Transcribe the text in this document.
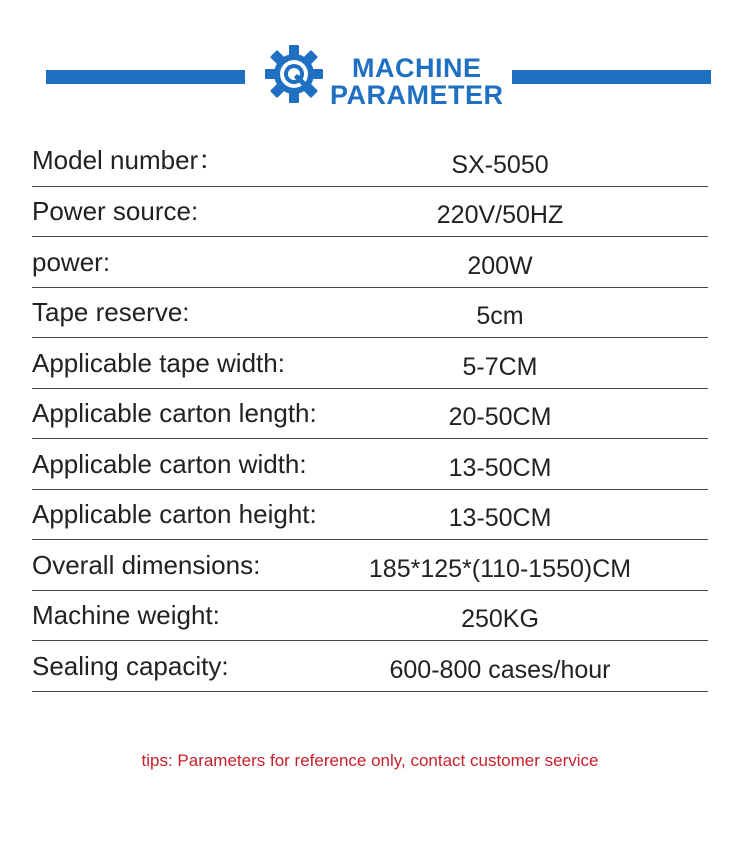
MACHINE
PARAMETER
Model number：	SX-5050
Power source:	220V/50HZ
power:	200W
Tape reserve:	5cm
Applicable tape width:	5-7CM
Applicable carton length:	20-50CM
Applicable carton width:	13-50CM
Applicable carton height:	13-50CM
Overall dimensions:	185*125*(110-1550)CM
Machine weight:	250KG
Sealing capacity:	600-800 cases/hour
tips: Parameters for reference only, contact customer service
